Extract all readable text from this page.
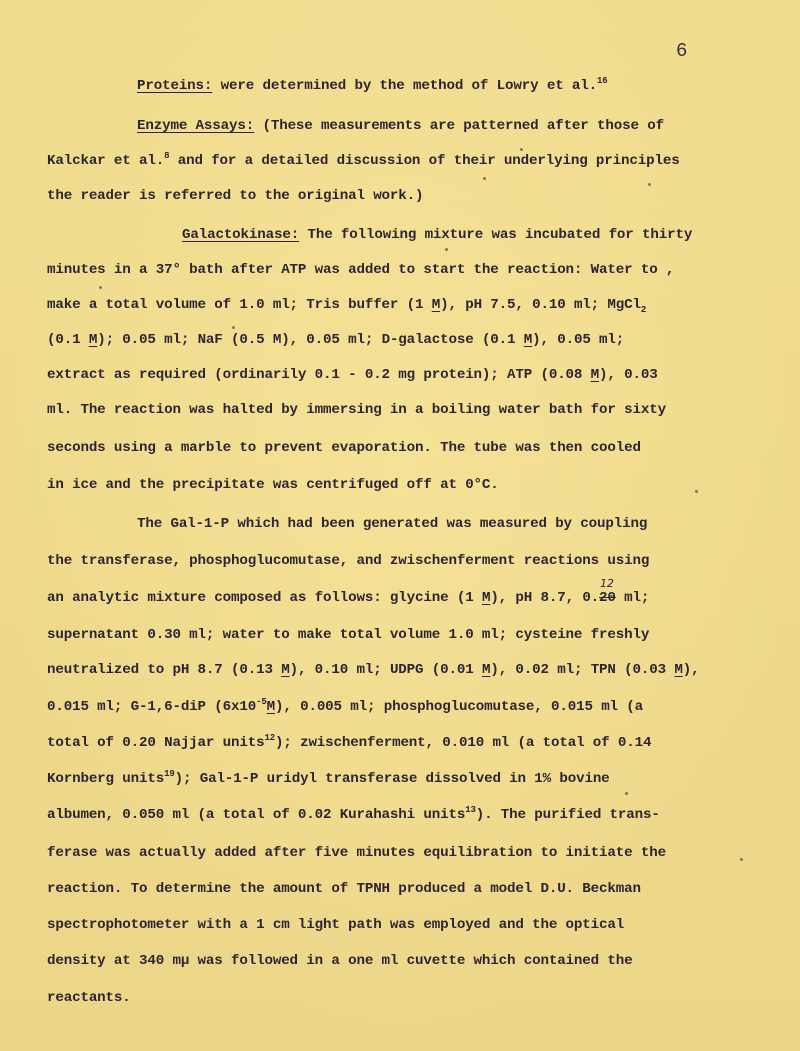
6
Proteins: were determined by the method of Lowry et al.$^{16}$
Enzyme Assays: (These measurements are patterned after those of
Kalckar et al.$^8$ and for a detailed discussion of their underlying principles
the reader is referred to the original work.)
Galactokinase: The following mixture was incubated for thirty
minutes in a 37° bath after ATP was added to start the reaction: Water to ,
make a total volume of 1.0 ml; Tris buffer (1 M), pH 7.5, 0.10 ml; MgCl$_2$
(0.1 M); 0.05 ml; NaF (0.5 M), 0.05 ml; D-galactose (0.1 M), 0.05 ml;
extract as required (ordinarily 0.1 - 0.2 mg protein); ATP (0.08 M), 0.03
ml. The reaction was halted by immersing in a boiling water bath for sixty
seconds using a marble to prevent evaporation. The tube was then cooled
in ice and the precipitate was centrifuged off at 0°C.
The Gal-1-P which had been generated was measured by coupling
the transferase, phosphoglucomutase, and zwischenferment reactions using
an analytic mixture composed as follows: glycine (1 M), pH 8.7, 0.20
12
ml;
supernatant 0.30 ml; water to make total volume 1.0 ml; cysteine freshly
neutralized to pH 8.7 (0.13 M), 0.10 ml; UDPG (0.01 M), 0.02 ml; TPN (0.03 M),
0.015 ml; G-1,6-diP $(6x10^{-5}M)$, 0.005 ml; phosphoglucomutase, 0.015 ml (a
total of 0.20 Najjar units$^{12}$); zwischenferment, 0.010 ml (a total of 0.14
Kornberg units$^{19}$); Gal-1-P uridyl transferase dissolved in 1% bovine
albumen, 0.050 ml (a total of 0.02 Kurahashi units$^{13}$). The purified trans-
ferase was actually added after five minutes equilibration to initiate the
reaction. To determine the amount of TPNH produced a model D.U. Beckman
spectrophotometer with a 1 cm light path was employed and the optical
density at 340 mμ was followed in a one ml cuvette which contained the
reactants.
